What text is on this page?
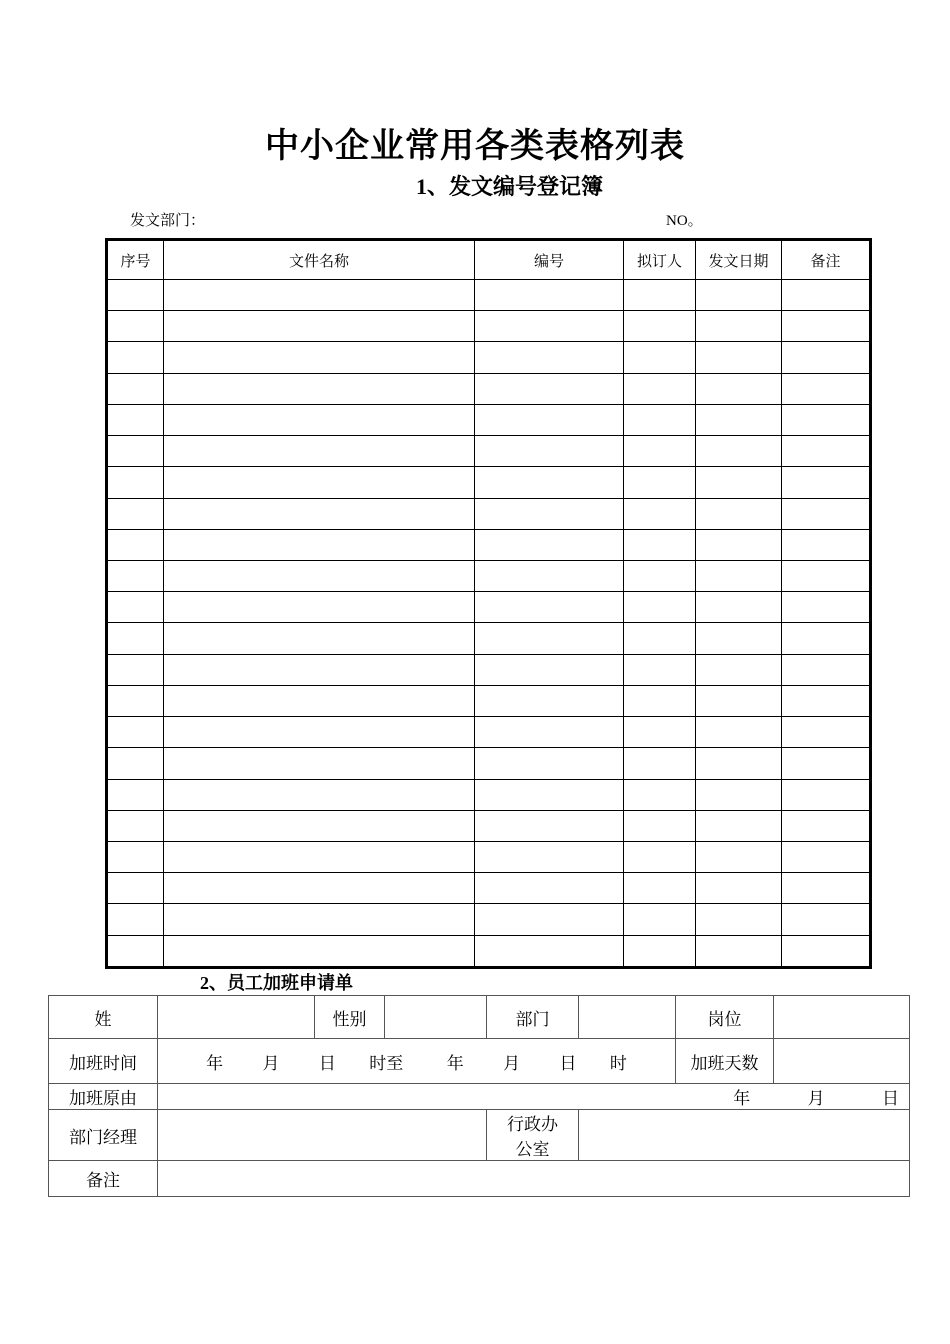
中小企业常用各类表格列表
1、发文编号登记簿
发文部门：	NO。
序号	文件名称	编号	拟订人	发文日期	备注

2、员工加班申请单
姓		性别		部门		岗位	
加班时间	年 月 日 时至 年 月 日 时					加班天数	
加班原由	年 月 日						
部门经理				行政办
公室			

备注							
